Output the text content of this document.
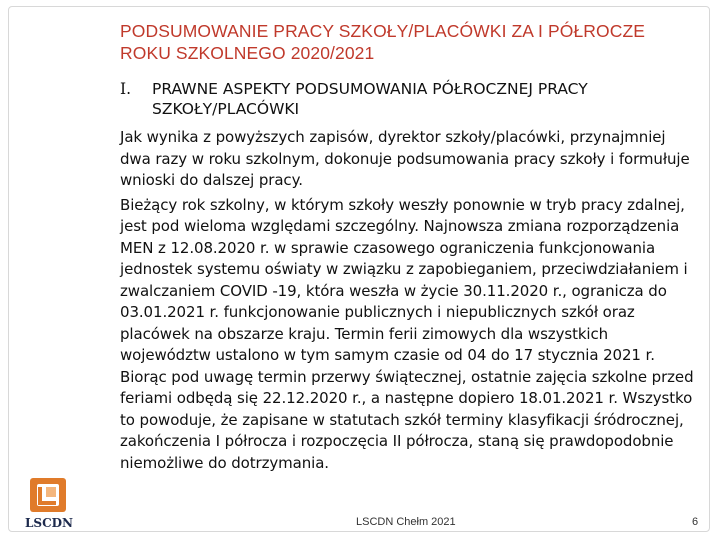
PODSUMOWANIE PRACY SZKOŁY/PLACÓWKI ZA I PÓŁROCZE ROKU SZKOLNEGO 2020/2021
I. PRAWNE ASPEKTY PODSUMOWANIA PÓŁROCZNEJ PRACY SZKOŁY/PLACÓWKI

Jak wynika z powyższych zapisów, dyrektor szkoły/placówki, przynajmniej dwa razy w roku szkolnym, dokonuje podsumowania pracy szkoły i formułuje wnioski do dalszej pracy.

Bieżący rok szkolny, w którym szkoły weszły ponownie w tryb pracy zdalnej, jest pod wieloma względami szczególny. Najnowsza zmiana rozporządzenia MEN z 12.08.2020 r. w sprawie czasowego ograniczenia funkcjonowania jednostek systemu oświaty w związku z zapobieganiem, przeciwdziałaniem i zwalczaniem COVID -19, która weszła w życie 30.11.2020 r., ogranicza do 03.01.2021 r. funkcjonowanie publicznych i niepublicznych szkół oraz placówek na obszarze kraju. Termin ferii zimowych dla wszystkich województw ustalono w tym samym czasie od 04 do 17 stycznia 2021 r. Biorąc pod uwagę termin przerwy świątecznej, ostatnie zajęcia szkolne przed feriami odbędą się 22.12.2020 r., a następne dopiero 18.01.2021 r. Wszystko to powoduje, że zapisane w statutach szkół terminy klasyfikacji śródrocznej, zakończenia I półrocza i rozpoczęcia II półrocza, staną się prawdopodobnie niemożliwe do dotrzymania.

LSCDN	LSCDN Chełm 2021	6
